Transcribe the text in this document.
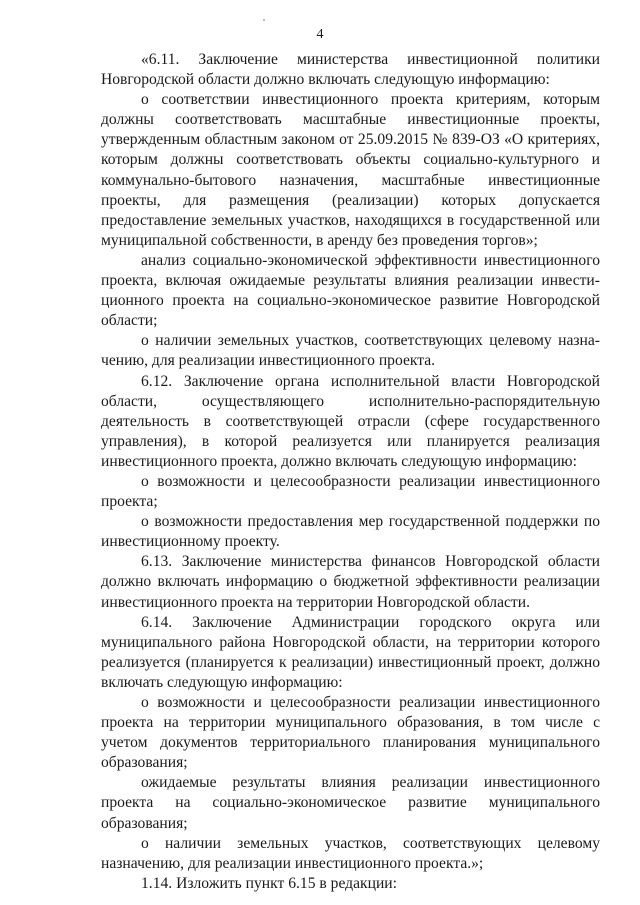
4

«6.11. Заключение министерства инвестиционной политики Новгородской области должно включать следующую информацию:

о соответствии инвестиционного проекта критериям, которым должны соответствовать масштабные инвестиционные проекты, утвержденным областным законом от 25.09.2015 № 839-ОЗ «О критериях, которым должны соответствовать объекты социально-культурного и коммунально-бытового назначения, масштабные инвестиционные проекты, для размещения (реализации) которых допускается предоставление земельных участков, находящихся в государственной или муниципальной собственности, в аренду без проведения торгов»;

анализ социально-экономической эффективности инвестиционного проекта, включая ожидаемые результаты влияния реализации инвестиционного проекта на социально-экономическое развитие Новгородской области;

о наличии земельных участков, соответствующих целевому назначению, для реализации инвестиционного проекта.

6.12. Заключение органа исполнительной власти Новгородской области, осуществляющего исполнительно-распорядительную деятельность в соответствующей отрасли (сфере государственного управления), в которой реализуется или планируется реализация инвестиционного проекта, должно включать следующую информацию:

о возможности и целесообразности реализации инвестиционного проекта;

о возможности предоставления мер государственной поддержки по инвестиционному проекту.

6.13. Заключение министерства финансов Новгородской области должно включать информацию о бюджетной эффективности реализации инвестиционного проекта на территории Новгородской области.

6.14. Заключение Администрации городского округа или муниципального района Новгородской области, на территории которого реализуется (планируется к реализации) инвестиционный проект, должно включать следующую информацию:

о возможности и целесообразности реализации инвестиционного проекта на территории муниципального образования, в том числе с учетом документов территориального планирования муниципального образования;

ожидаемые результаты влияния реализации инвестиционного проекта на социально-экономическое развитие муниципального образования;

о наличии земельных участков, соответствующих целевому назначению, для реализации инвестиционного проекта.»;

1.14. Изложить пункт 6.15 в редакции:
